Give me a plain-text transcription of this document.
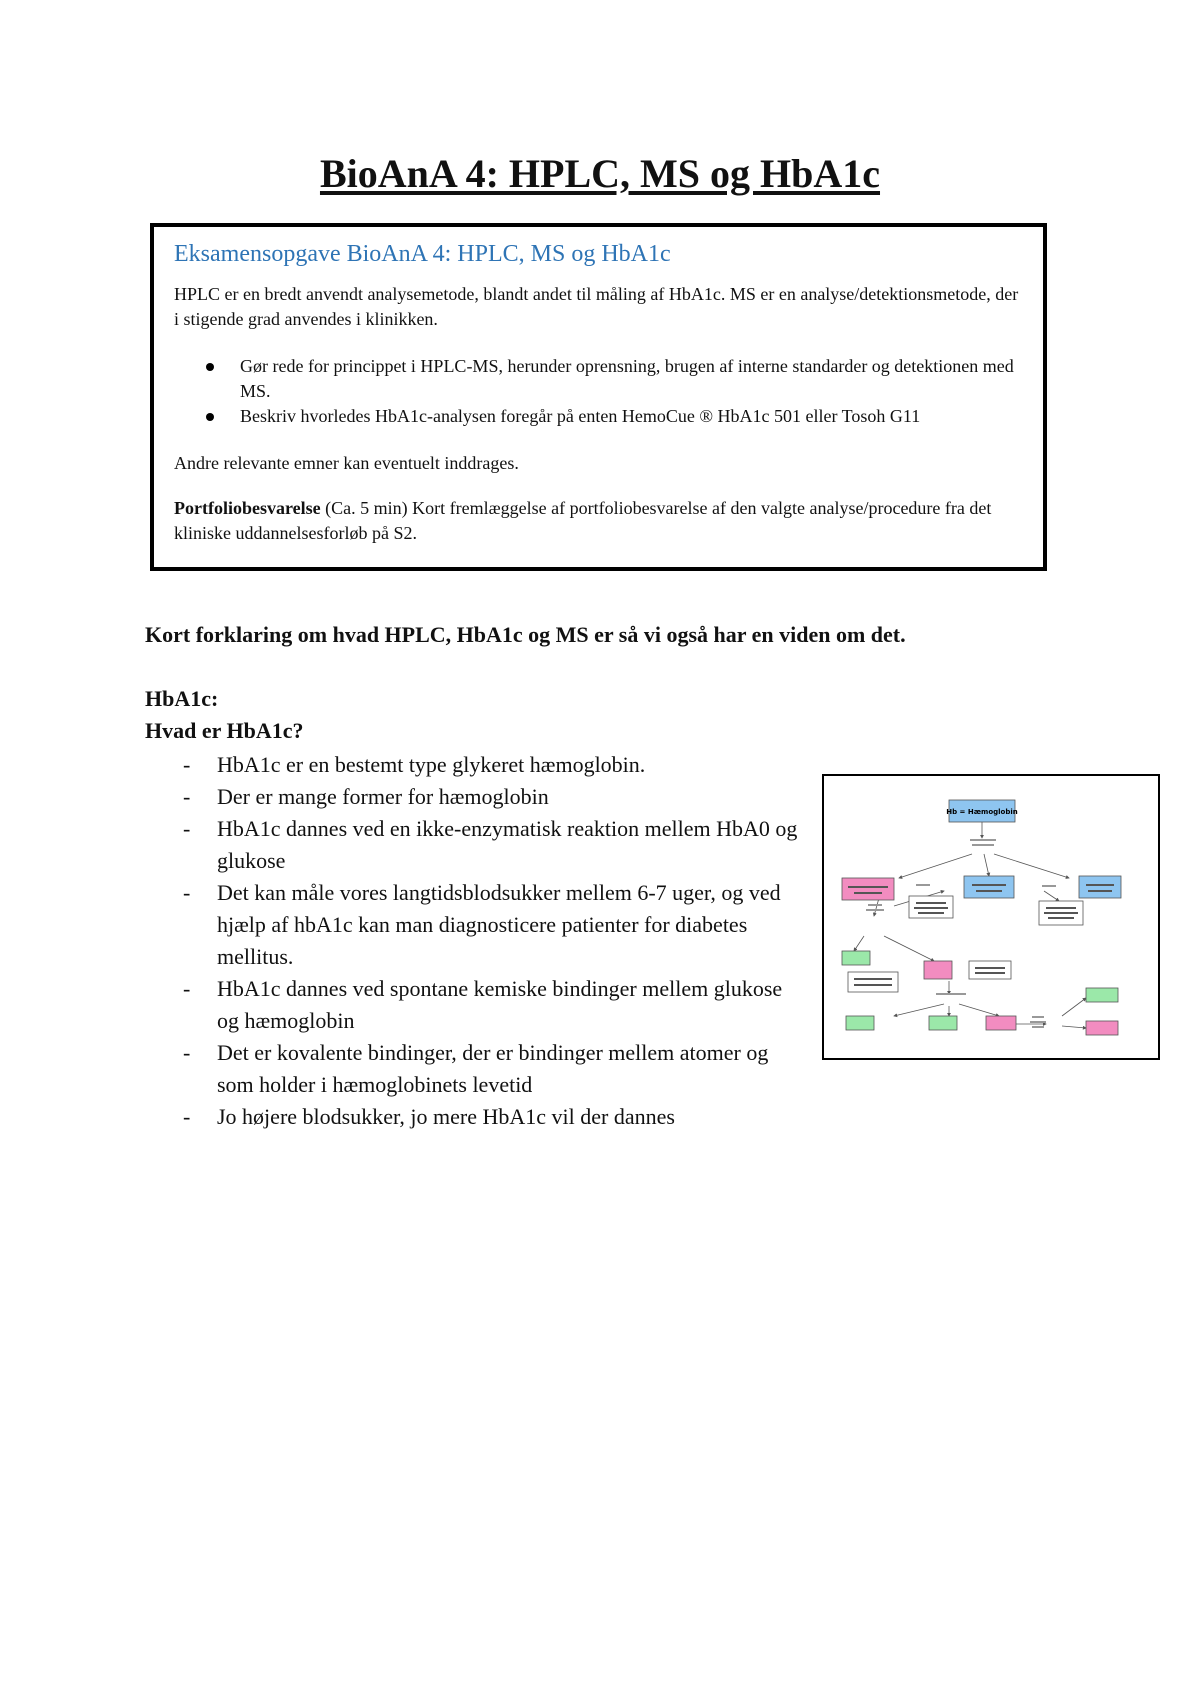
BioAnA 4: HPLC, MS og HbA1c
Eksamensopgave BioAnA 4: HPLC, MS og HbA1c

HPLC er en bredt anvendt analysemetode, blandt andet til måling af HbA1c. MS er en analyse/detektionsmetode, der i stigende grad anvendes i klinikken.

Gør rede for princippet i HPLC-MS, herunder oprensning, brugen af interne standarder og detektionen med MS.
Beskriv hvorledes HbA1c-analysen foregår på enten HemoCue ® HbA1c 501 eller Tosoh G11

Andre relevante emner kan eventuelt inddrages.

Portfoliobesvarelse (Ca. 5 min) Kort fremlæggelse af portfoliobesvarelse af den valgte analyse/procedure fra det kliniske uddannelsesforløb på S2.

Kort forklaring om hvad HPLC, HbA1c og MS er så vi også har en viden om det.
HbA1c:
Hvad er HbA1c?
- HbA1c er en bestemt type glykeret hæmoglobin.
- Der er mange former for hæmoglobin
- HbA1c dannes ved en ikke-enzymatisk reaktion mellem HbA0 og glukose
- Det kan måle vores langtidsblodsukker mellem 6-7 uger, og ved hjælp af hbA1c kan man diagnosticere patienter for diabetes mellitus.
- HbA1c dannes ved spontane kemiske bindinger mellem glukose og hæmoglobin
- Det er kovalente bindinger, der er bindinger mellem atomer og som holder i hæmoglobinets levetid
- Jo højere blodsukker, jo mere HbA1c vil der dannes
Hb = Hæmoglobin
